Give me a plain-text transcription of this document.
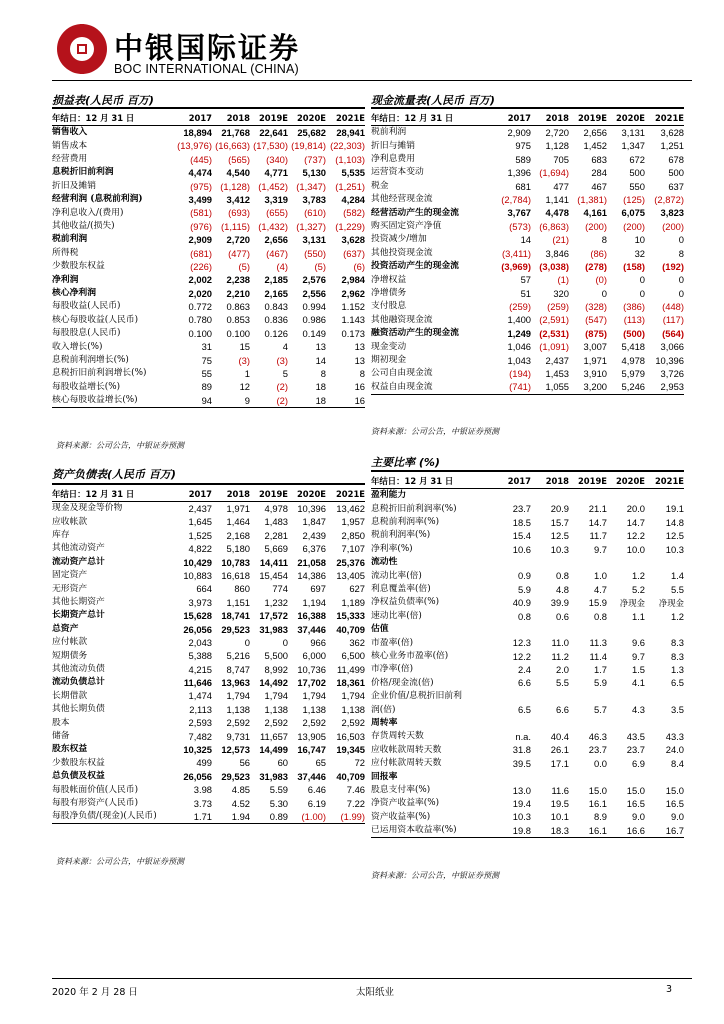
中银国际证券
BOC INTERNATIONAL (CHINA)
损益表(人民币 百万)
年结日：12 月 31 日	2017	2018	2019E	2020E	2021E
销售收入	18,894	21,768	22,641	25,682	28,941
销售成本	(13,976)	(16,663)	(17,530)	(19,814)	(22,303)
经营费用	(445)	(565)	(340)	(737)	(1,103)
息税折旧前利润	4,474	4,540	4,771	5,130	5,535
折旧及摊销	(975)	(1,128)	(1,452)	(1,347)	(1,251)
经营利润 (息税前利润)	3,499	3,412	3,319	3,783	4,284
净利息收入/(费用)	(581)	(693)	(655)	(610)	(582)
其他收益/(损失)	(976)	(1,115)	(1,432)	(1,327)	(1,229)
税前利润	2,909	2,720	2,656	3,131	3,628
所得税	(681)	(477)	(467)	(550)	(637)
少数股东权益	(226)	(5)	(4)	(5)	(6)
净利润	2,002	2,238	2,185	2,576	2,984
核心净利润	2,020	2,210	2,165	2,556	2,962
每股收益(人民币)	0.772	0.863	0.843	0.994	1.152
核心每股收益(人民币)	0.780	0.853	0.836	0.986	1.143
每股股息(人民币)	0.100	0.100	0.126	0.149	0.173
收入增长(%)	31	15	4	13	13
息税前利润增长(%)	75	(3)	(3)	14	13
息税折旧前利润增长(%)	55	1	5	8	8
每股收益增长(%)	89	12	(2)	18	16
核心每股收益增长(%)	94	9	(2)	18	16
资料来源：公司公告，中银证券预测
资产负债表(人民币 百万)
年结日：12 月 31 日	2017	2018	2019E	2020E	2021E
现金及现金等价物	2,437	1,971	4,978	10,396	13,462
应收帐款	1,645	1,464	1,483	1,847	1,957
库存	1,525	2,168	2,281	2,439	2,850
其他流动资产	4,822	5,180	5,669	6,376	7,107
流动资产总计	10,429	10,783	14,411	21,058	25,376
固定资产	10,883	16,618	15,454	14,386	13,405
无形资产	664	860	774	697	627
其他长期资产	3,973	1,151	1,232	1,194	1,189
长期资产总计	15,628	18,741	17,572	16,388	15,333
总资产	26,056	29,523	31,983	37,446	40,709
应付帐款	2,043	0	0	966	362
短期债务	5,388	5,216	5,500	6,000	6,500
其他流动负债	4,215	8,747	8,992	10,736	11,499
流动负债总计	11,646	13,963	14,492	17,702	18,361
长期借款	1,474	1,794	1,794	1,794	1,794
其他长期负债	2,113	1,138	1,138	1,138	1,138
股本	2,593	2,592	2,592	2,592	2,592
储备	7,482	9,731	11,657	13,905	16,503
股东权益	10,325	12,573	14,499	16,747	19,345
少数股东权益	499	56	60	65	72
总负债及权益	26,056	29,523	31,983	37,446	40,709
每股帐面价值(人民币)	3.98	4.85	5.59	6.46	7.46
每股有形资产(人民币)	3.73	4.52	5.30	6.19	7.22
每股净负债/(现金)(人民币)	1.71	1.94	0.89	(1.00)	(1.99)
资料来源：公司公告，中银证券预测
现金流量表(人民币 百万)
年结日：12 月 31 日	2017	2018	2019E	2020E	2021E
税前利润	2,909	2,720	2,656	3,131	3,628
折旧与摊销	975	1,128	1,452	1,347	1,251
净利息费用	589	705	683	672	678
运营资本变动	1,396	(1,694)	284	500	500
税金	681	477	467	550	637
其他经营现金流	(2,784)	1,141	(1,381)	(125)	(2,872)
经营活动产生的现金流	3,767	4,478	4,161	6,075	3,823
购买固定资产净值	(573)	(6,863)	(200)	(200)	(200)
投资减少/增加	14	(21)	8	10	0
其他投资现金流	(3,411)	3,846	(86)	32	8
投资活动产生的现金流	(3,969)	(3,038)	(278)	(158)	(192)
净增权益	57	(1)	(0)	0	0
净增债务	51	320	0	0	0
支付股息	(259)	(259)	(328)	(386)	(448)
其他融资现金流	1,400	(2,591)	(547)	(113)	(117)
融资活动产生的现金流	1,249	(2,531)	(875)	(500)	(564)
现金变动	1,046	(1,091)	3,007	5,418	3,066
期初现金	1,043	2,437	1,971	4,978	10,396
公司自由现金流	(194)	1,453	3,910	5,979	3,726
权益自由现金流	(741)	1,055	3,200	5,246	2,953
资料来源：公司公告，中银证券预测
主要比率 (%)
年结日：12 月 31 日	2017	2018	2019E	2020E	2021E
盈利能力					
息税折旧前利润率(%)	23.7	20.9	21.1	20.0	19.1
息税前利润率(%)	18.5	15.7	14.7	14.7	14.8
税前利润率(%)	15.4	12.5	11.7	12.2	12.5
净利率(%)	10.6	10.3	9.7	10.0	10.3
流动性					
流动比率(倍)	0.9	0.8	1.0	1.2	1.4
利息覆盖率(倍)	5.9	4.8	4.7	5.2	5.5
净权益负债率(%)	40.9	39.9	15.9	净现金	净现金
速动比率(倍)	0.8	0.6	0.8	1.1	1.2
估值					
市盈率(倍)	12.3	11.0	11.3	9.6	8.3
核心业务市盈率(倍)	12.2	11.2	11.4	9.7	8.3
市净率(倍)	2.4	2.0	1.7	1.5	1.3
价格/现金流(倍)	6.6	5.5	5.9	4.1	6.5
企业价值/息税折旧前利					
润(倍)	6.5	6.6	5.7	4.3	3.5
周转率					
存货周转天数	n.a.	40.4	46.3	43.5	43.3
应收帐款周转天数	31.8	26.1	23.7	23.7	24.0
应付帐款周转天数	39.5	17.1	0.0	6.9	8.4
回报率					
股息支付率(%)	13.0	11.6	15.0	15.0	15.0
净资产收益率(%)	19.4	19.5	16.1	16.5	16.5
资产收益率(%)	10.3	10.1	8.9	9.0	9.0
已运用资本收益率(%)	19.8	18.3	16.1	16.6	16.7
资料来源：公司公告，中银证券预测
2020 年 2 月 28 日	太阳纸业	3
